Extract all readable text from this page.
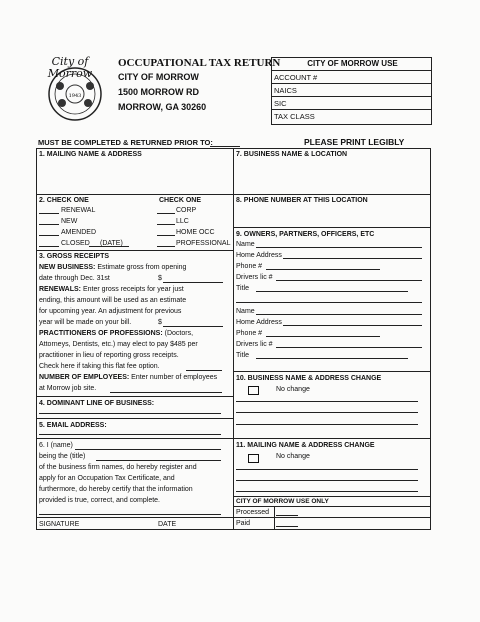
1943
City of Morrow
OCCUPATIONAL TAX RETURN
CITY OF MORROW
1500 MORROW RD
MORROW, GA 30260
CITY OF MORROW USE
ACCOUNT #
NAICS
SIC
TAX CLASS
MUST BE COMPLETED & RETURNED PRIOR TO:	PLEASE PRINT LEGIBLY
1. MAILING NAME & ADDRESS	7. BUSINESS NAME & LOCATION
2. CHECK ONE
RENEWAL
NEW
AMENDED
CLOSED (DATE)
CHECK ONE
CORP
LLC
HOME OCC
PROFESSIONAL
8. PHONE NUMBER AT THIS LOCATION
9. OWNERS, PARTNERS, OFFICERS, ETC
Name
Home Address
Phone #
Drivers lic #
Title
Name
Home Address
Phone #
Drivers lic #
Title
3. GROSS RECEIPTS
NEW BUSINESS: Estimate gross from opening
date through Dec. 31st	$
RENEWALS: Enter gross receipts for year just
ending, this amount will be used as an estimate
for upcoming year. An adjustment for previous
year will be made on your bill.	$
PRACTITIONERS OF PROFESSIONS: (Doctors,
Attorneys, Dentists, etc.) may elect to pay $485 per
practitioner in lieu of reporting gross receipts.
Check here if taking this flat fee option.
NUMBER OF EMPLOYEES: Enter number of employees
at Morrow job site.
10. BUSINESS NAME & ADDRESS CHANGE
No change
4. DOMINANT LINE OF BUSINESS:
5. EMAIL ADDRESS:
6. I (name)
being the (title)
of the business firm names, do hereby register and
apply for an Occupation Tax Certificate, and
furthermore, do hereby certify that the information
provided is true, correct, and complete.
SIGNATURE	DATE
11. MAILING NAME & ADDRESS CHANGE
No change
CITY OF MORROW USE ONLY
Processed
Paid
